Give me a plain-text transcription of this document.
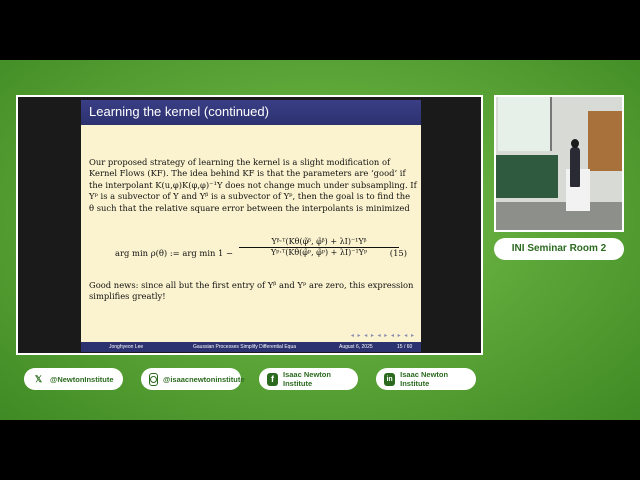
Learning the kernel (continued)

Our proposed strategy of learning the kernel is a slight modification of Kernel Flows (KF). The idea behind KF is that the parameters are ‘good’ if the interpolant K(u,φ)K(φ,φ)⁻¹Y does not change much under subsampling. If Yᵖ is a subvector of Y and Yᵝ is a subvector of Yᵖ, then the goal is to find the θ such that the relative square error between the interpolants is minimized

arg min ρ(θ) := arg $\min 1 - \frac{\text{Yᵝ·ᵀ(Kθ(φ̃ᵝ, φ̃ᵝ) + λI)⁻¹Yᵝ}}{\text{Yᵖ·ᵀ(Kθ(φ̃ᵖ, φ̃ᵖ) + λI)⁻¹Yᵖ}}$
(15)
Good news: since all but the first entry of Yᵝ and Yᵖ are zero, this expression simplifies greatly!
◂ ▸ ◂ ▸ ◂ ▸ ◂ ▸ ◂ ▸
Jonghyeon Lee	Gaussian Processes Simplify Differential Equa	August 6, 2025	15 / 60
INI Seminar Room 2
𝕏	@NewtonInstitute	@isaacnewtoninstitute	f	Isaac Newton Institute	in Isaac Newton Institute
